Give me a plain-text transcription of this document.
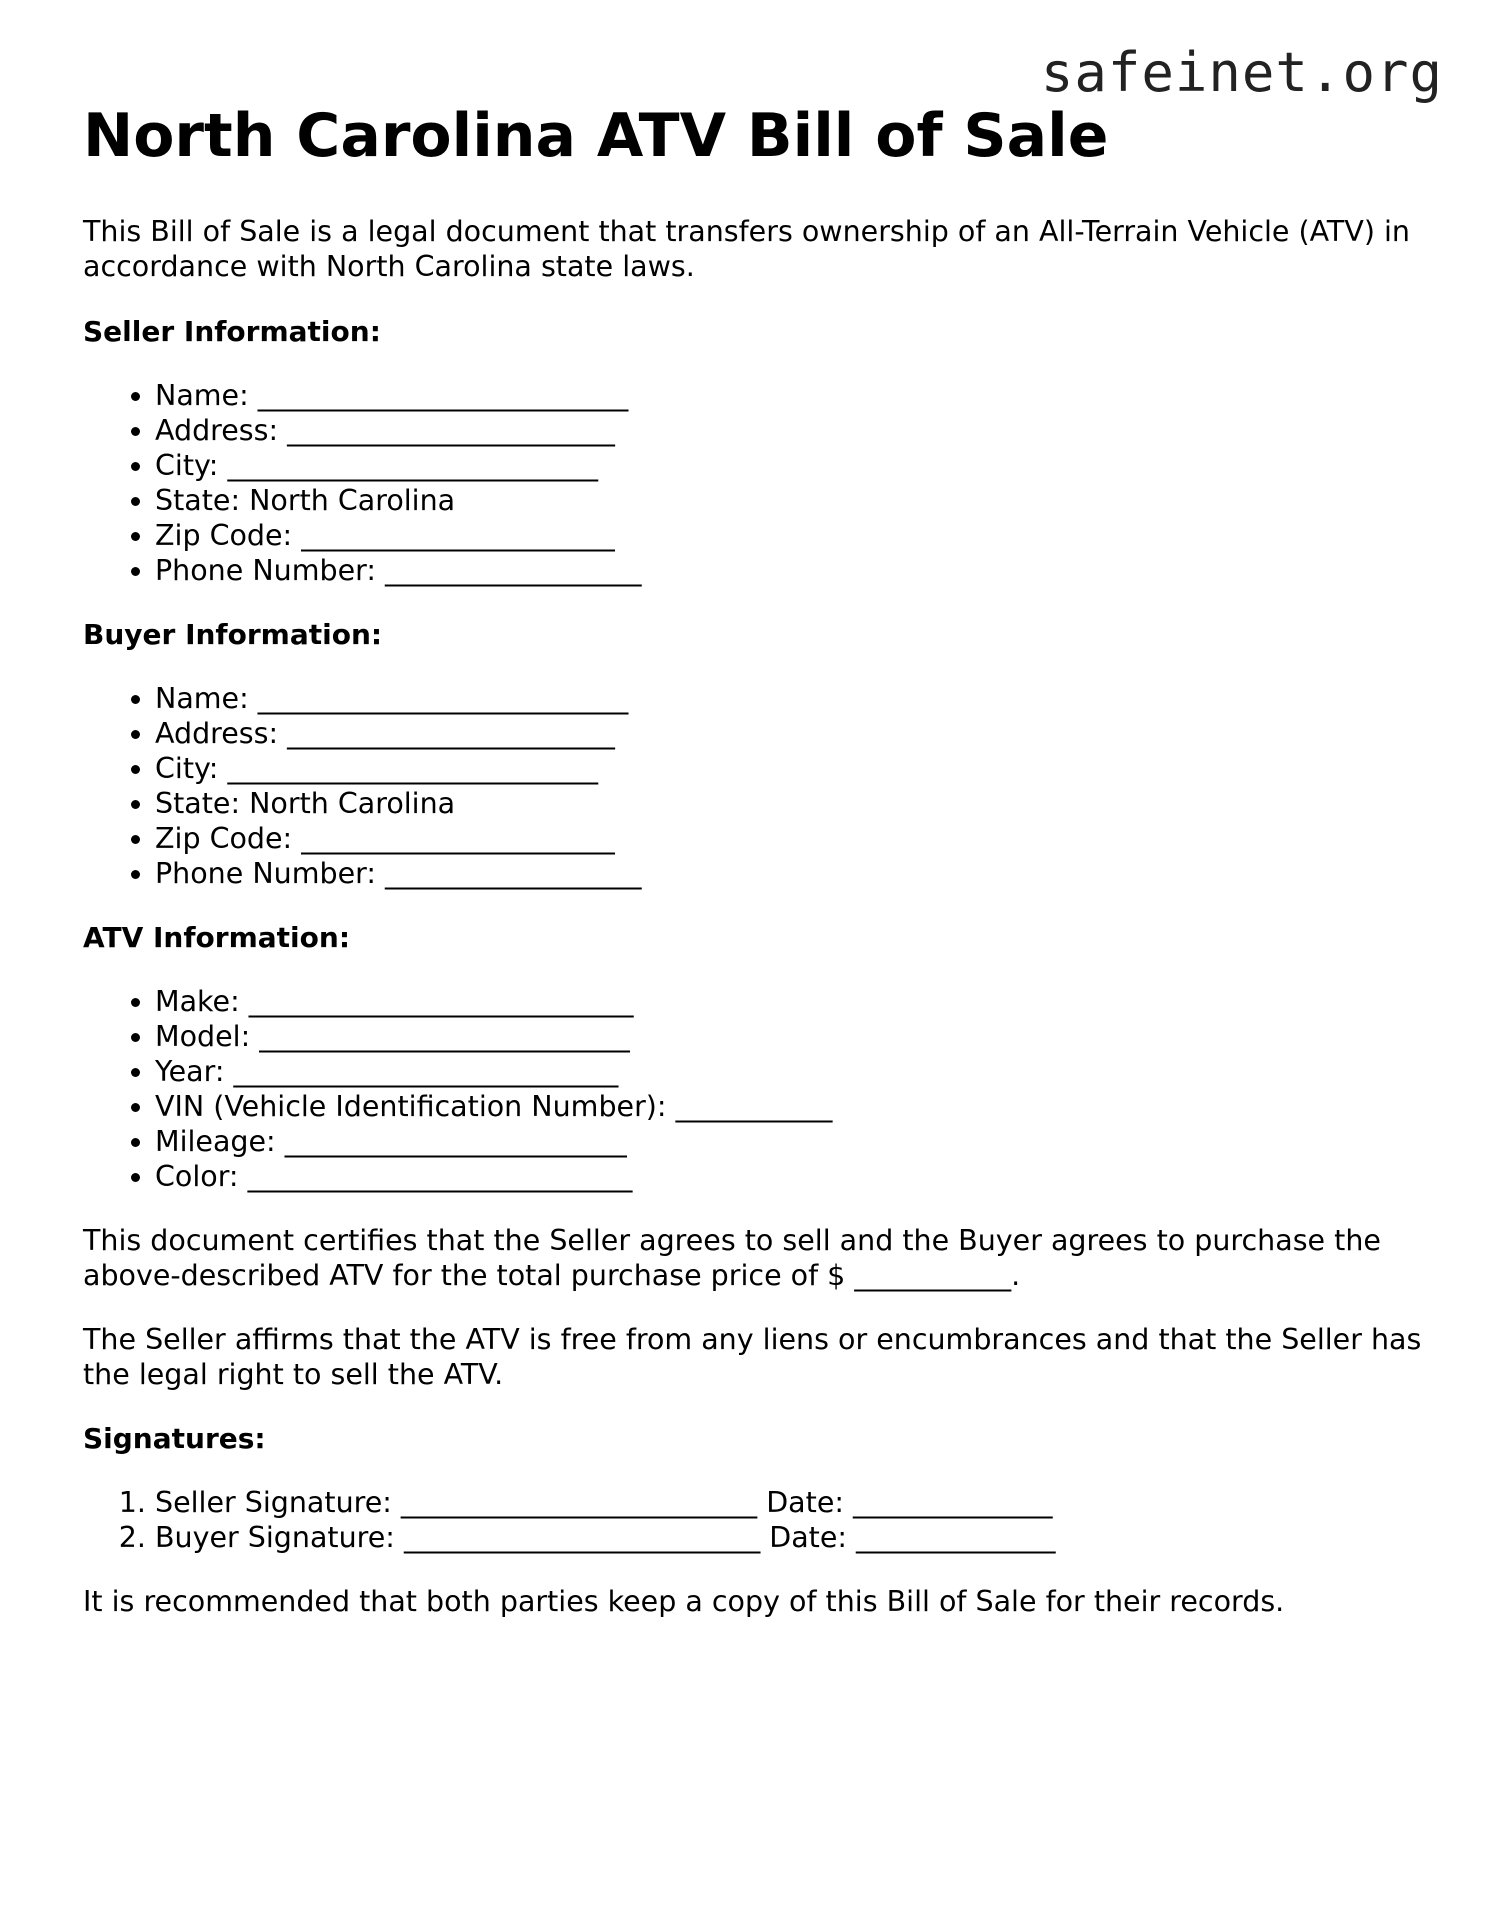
safeinet.org
North Carolina ATV Bill of Sale

This Bill of Sale is a legal document that transfers ownership of an All-Terrain Vehicle (ATV) in accordance with North Carolina state laws.

Seller Information:
• Name: __________________________
• Address: _______________________
• City: __________________________
• State: North Carolina
• Zip Code: ______________________
• Phone Number: __________________
Buyer Information:
• Name: __________________________
• Address: _______________________
• City: __________________________
• State: North Carolina
• Zip Code: ______________________
• Phone Number: __________________
ATV Information:
• Make: ___________________________
• Model: __________________________
• Year: ___________________________
• VIN (Vehicle Identification Number): ___________
• Mileage: ________________________
• Color: ___________________________

This document certifies that the Seller agrees to sell and the Buyer agrees to purchase the above-described ATV for the total purchase price of $ ___________.

The Seller affirms that the ATV is free from any liens or encumbrances and that the Seller has the legal right to sell the ATV.

Signatures:
1. Seller Signature: _________________________ Date: ______________
2. Buyer Signature: _________________________ Date: ______________

It is recommended that both parties keep a copy of this Bill of Sale for their records.
